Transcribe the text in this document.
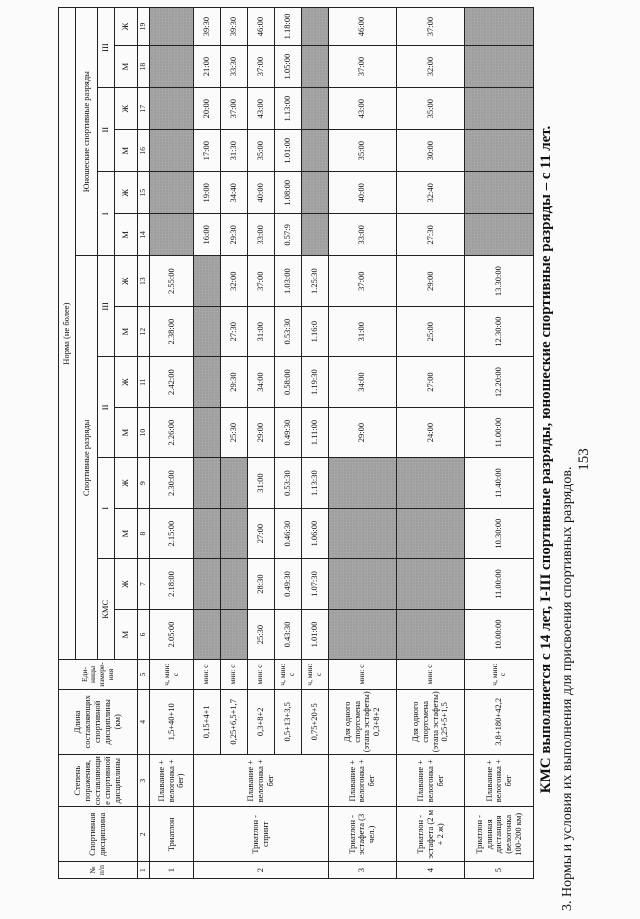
153
3. Нормы и условия их выполнения для присвоения спортивных разрядов.
КМС выполняется с 14 лет, I-III спортивные разряды, юношеские спортивные разряды – с 11 лет.
№ п/п	Спортивная дисциплина	Степень поражения, составляющи е спортивной дисциплины	Длина составляющих спортивной дисциплины (км)	Еди-ницы измере-ния	Норма (не более)													
					Спортивные разряды								Юношеские спортивные разряды					
					КМС		I		II		III		I		II		III	
					М	Ж	М	Ж	М	Ж	М	Ж	М	Ж	М	Ж	М	Ж
1	2	3	4	5	6	7	8	9	10	11	12	13	14	15	16	17	18	19
1	Триатлон	Плавание + велогонка + бег)	1,5+40+10	ч, мин: с	2.05:00	2.18:00	2.15:00	2.30:00	2.26:00	2.42:00	2.38:00	2.55:00						
2	Триатлон - спринт	Плавание + велогонка + бег	0,15+4+1	мин: с									16:00	19:00	17:00	20:00	21:00	39:30
			0,25+6,5+1,7	мин: с					25:30	29:30	27:30	32:00	29:30	34:40	31:30	37:00	33:30	39:30
			0,3+8+2	мин: с	25:30	28:30	27:00	31:00	29:00	34:00	31:00	37:00	33:00	40:00	35:00	43:00	37:00	46:00
			0,5+13+3,5	ч, мин: с	0.43:30	0.49:30	0.46:30	0.53:30	0.49:30	0.58:00	0.53:30	1.03:00	0.57:9	1.08:00	1.01:00	1.13:00	1.05:00	1.18:00
			0,75+20+5	ч, мин: с	1.01:00	1.07:30	1.06:00	1.13:30	1.11:00	1.19:30	1.16:0	1.25:30						
3	Триатлон - эстафета (3 чел.)	Плавание + велогонка + бег	Для одного спортсмена (этапа эстафеты) 0,3+8+2	мин: с					29:00	34:00	31:00	37:00	33:00	40:00	35:00	43:00	37:00	46:00
4	Триатлон - эстафета (2 м + 2 ж)	Плавание + велогонка + бег	Для одного спортсмена (этапа эстафеты) 0,25+5+1,5	мин: с					24:00	27:00	25:00	29:00	27:30	32:40	30:00	35:00	32:00	37:00
5	Триатлон - длинная дистанция (велогонка 100-200 км)	Плавание + велогонка + бег	3,8+180+42,2	ч, мин: с	10.00:00	11.00:00	10.30:00	11.40:00	11.00:00	12.20:00	12.30:00	13.30:00						
